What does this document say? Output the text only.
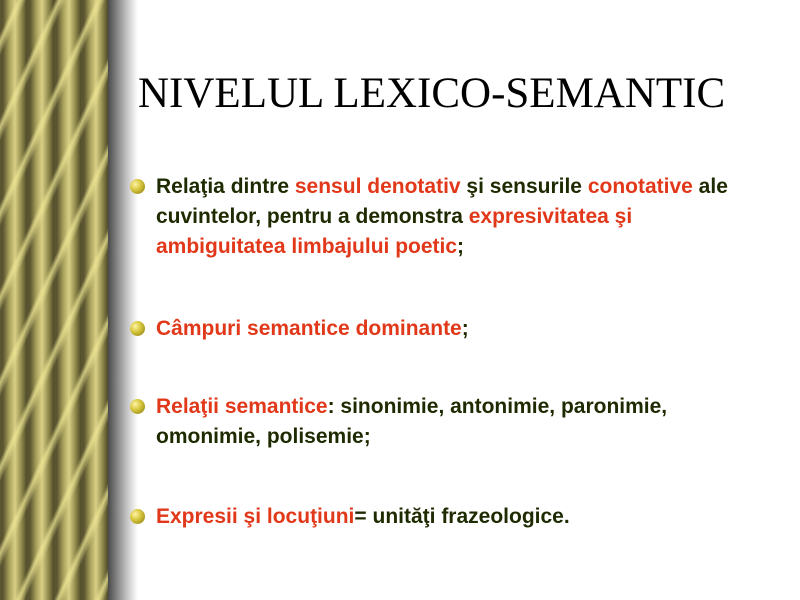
NIVELUL LEXICO-SEMANTIC
Relaţia dintre sensul denotativ şi sensurile conotative ale cuvintelor, pentru a demonstra expresivitatea şi ambiguitatea limbajului poetic;
Câmpuri semantice dominante;
Relaţii semantice: sinonimie, antonimie, paronimie, omonimie, polisemie;
Expresii şi locuţiuni= unităţi frazeologice.
